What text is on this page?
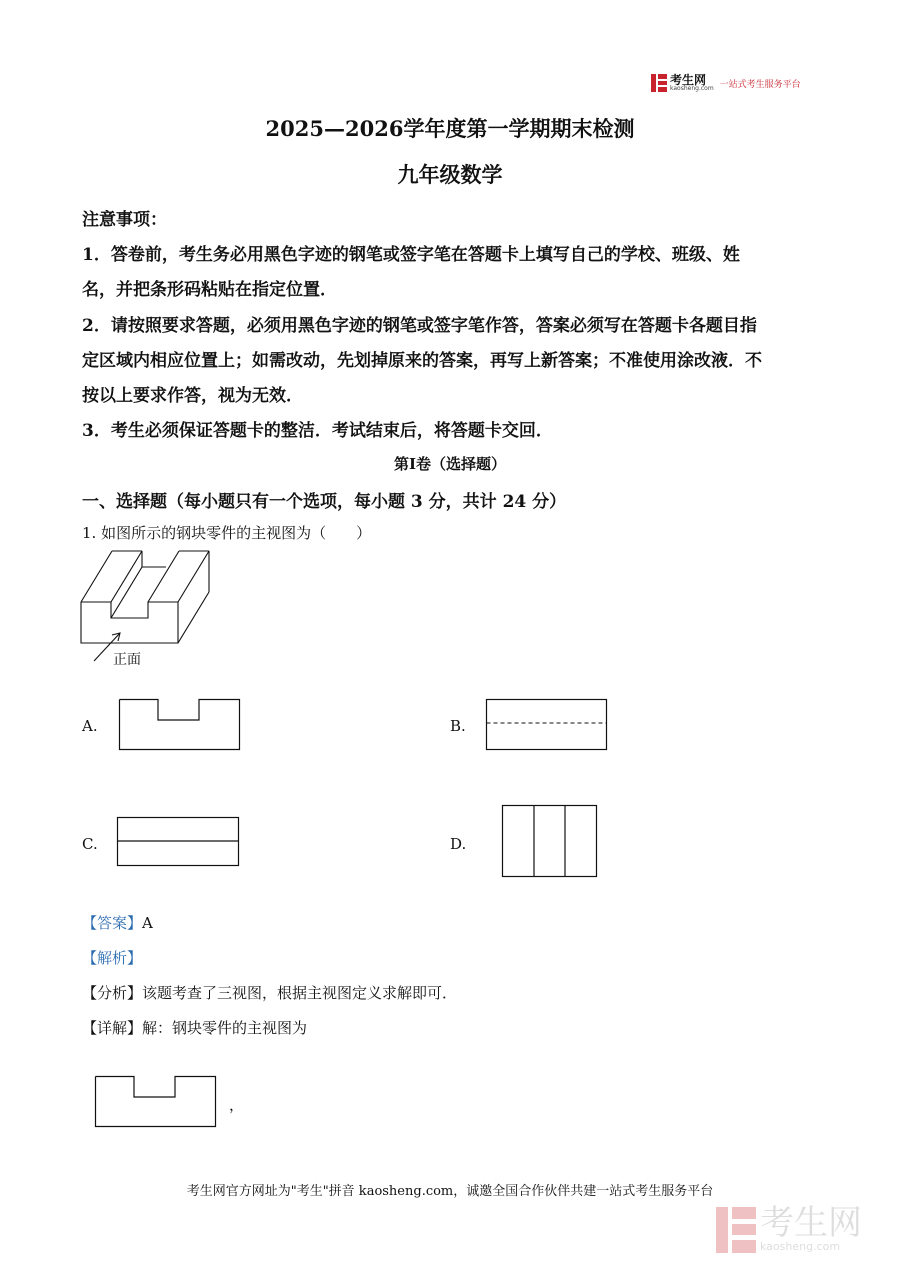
考生网
kaosheng.com 一站式考生服务平台
2025—2026学年度第一学期期末检测
九年级数学
注意事项：
1．答卷前，考生务必用黑色字迹的钢笔或签字笔在答题卡上填写自己的学校、班级、姓
名，并把条形码粘贴在指定位置．
2．请按照要求答题，必须用黑色字迹的钢笔或签字笔作答，答案必须写在答题卡各题目指
定区域内相应位置上；如需改动，先划掉原来的答案，再写上新答案；不准使用涂改液．不
按以上要求作答，视为无效．
3．考生必须保证答题卡的整洁．考试结束后，将答题卡交回．
第Ⅰ卷（选择题）
一、选择题（每小题只有一个选项，每小题 3 分，共计 24 分）
1. 如图所示的钢块零件的主视图为（　　）
正面
A.	B.
C.	D.
【答案】A
【解析】
【分析】该题考查了三视图，根据主视图定义求解即可．
【详解】解：钢块零件的主视图为
，
考生网官方网址为"考生"拼音 kaosheng.com，诚邀全国合作伙伴共建一站式考生服务平台
考生网
kaosheng.com
